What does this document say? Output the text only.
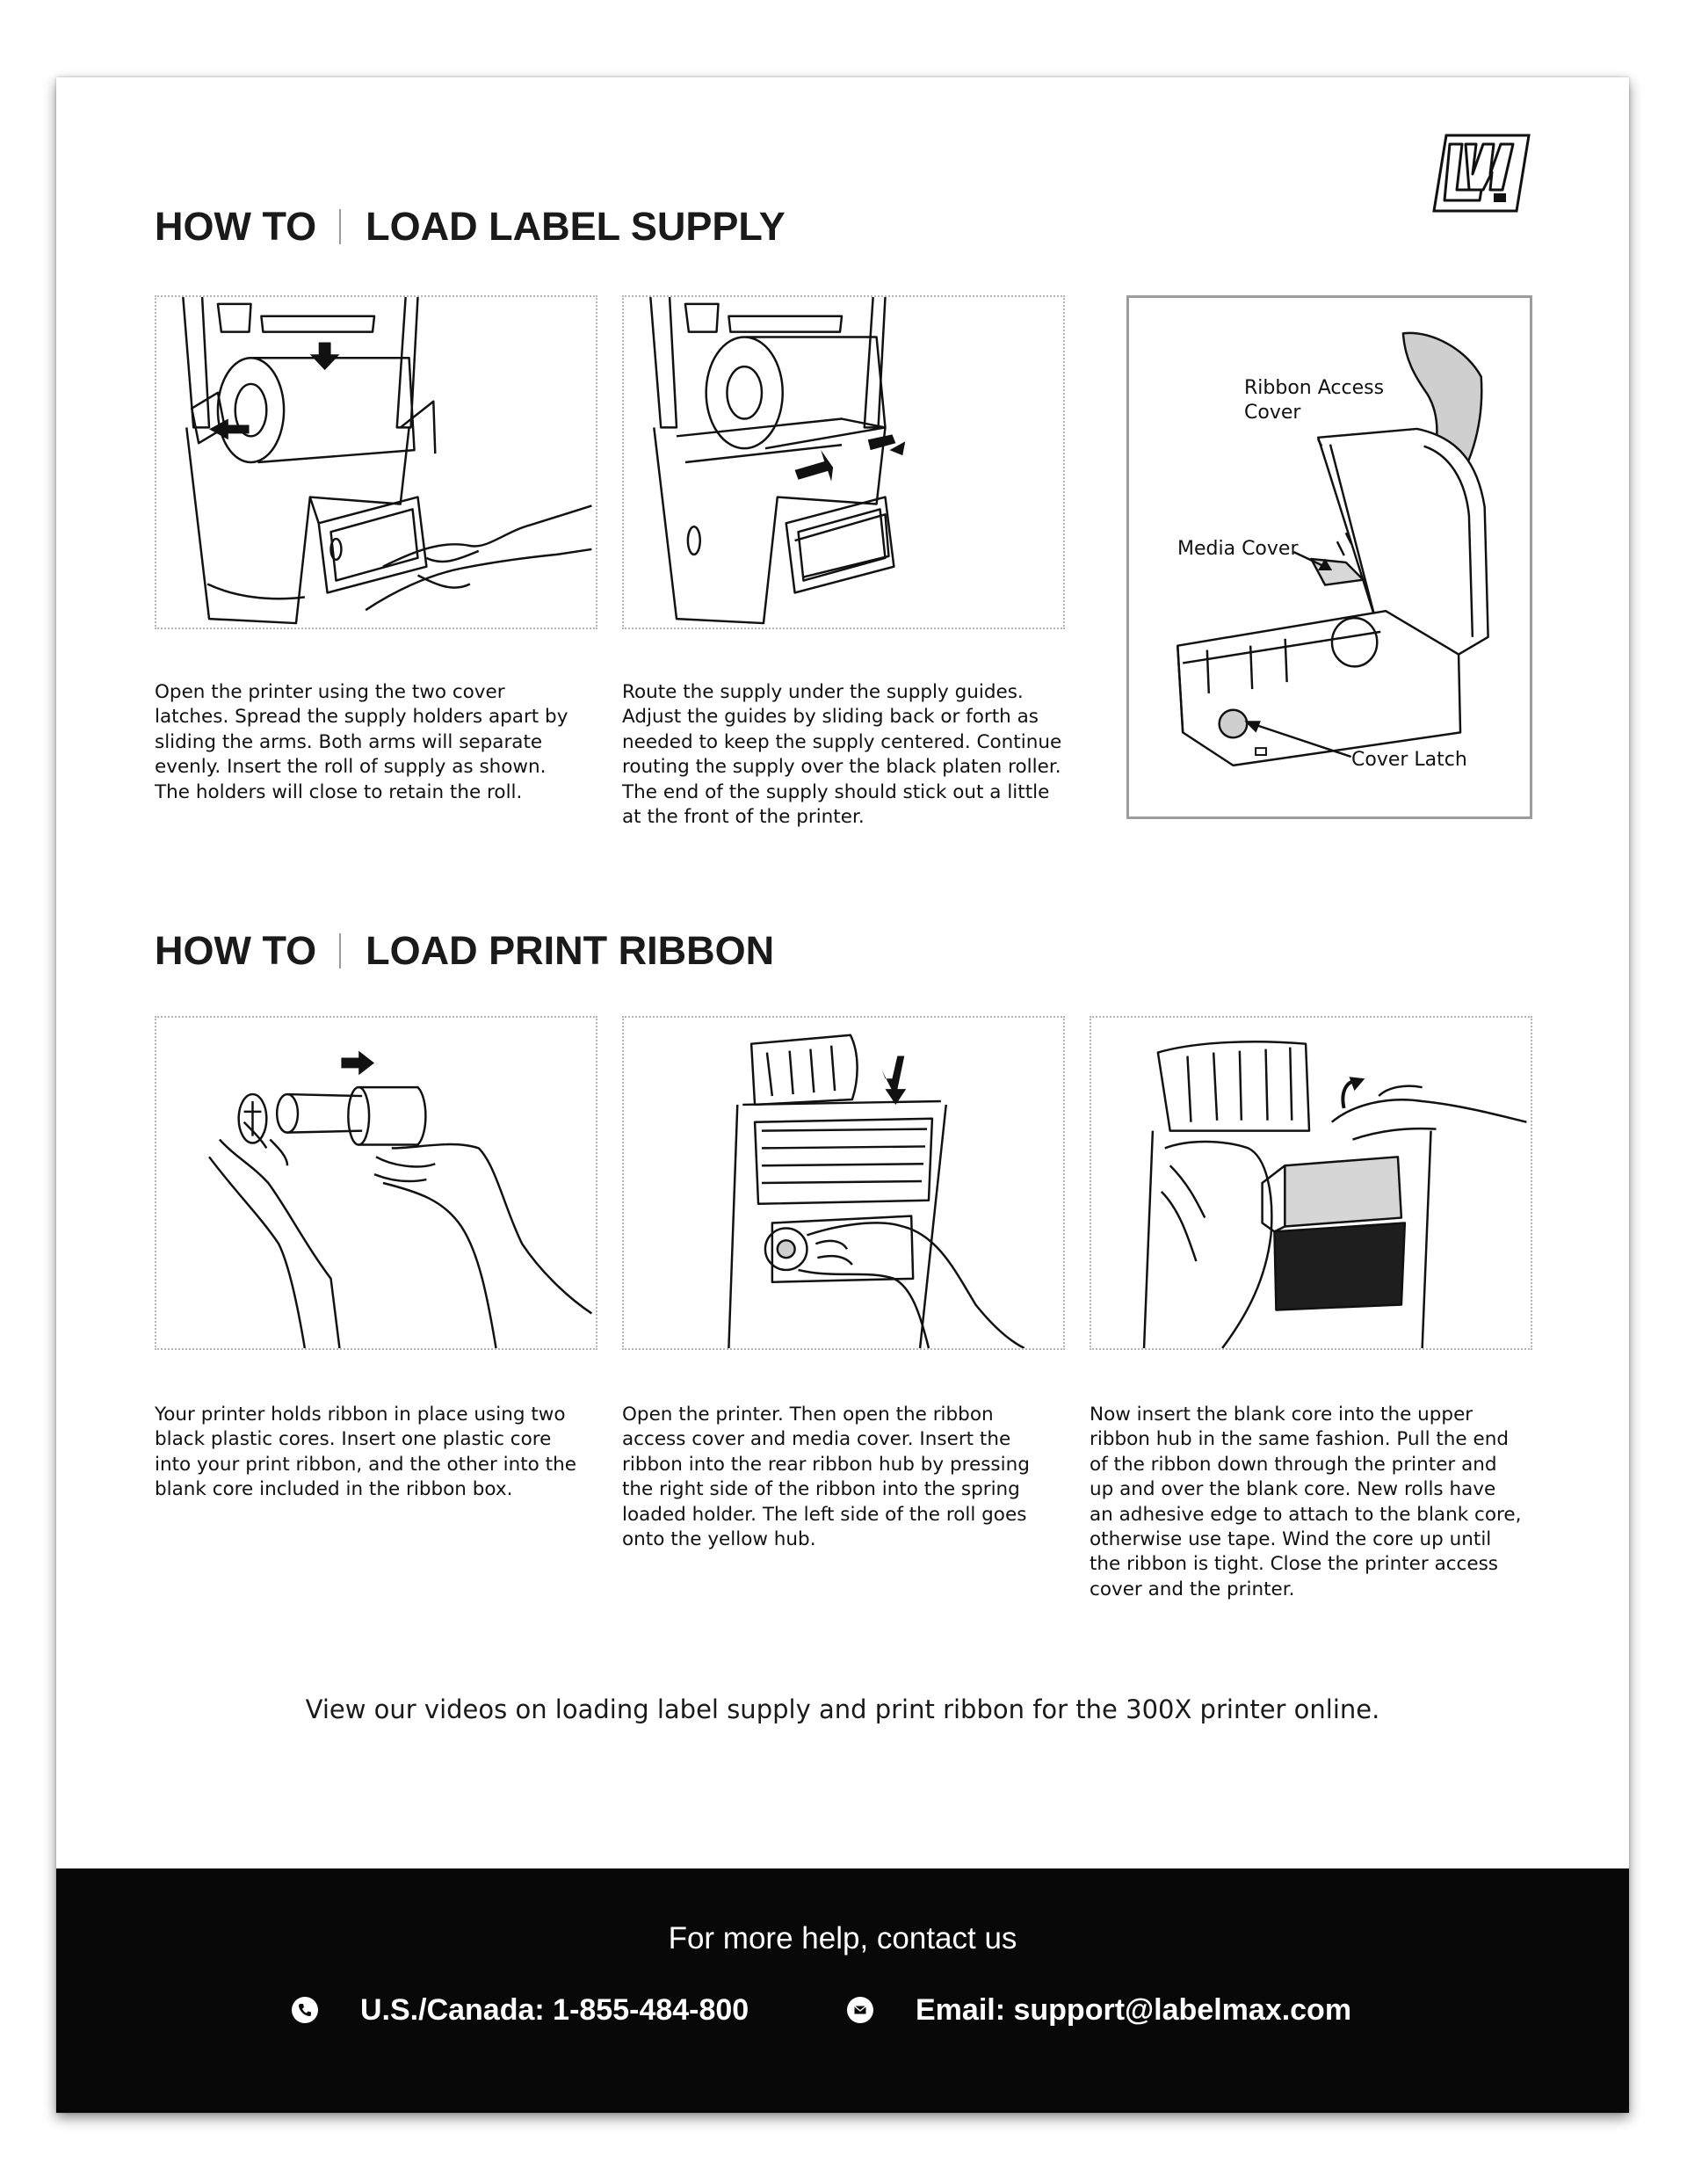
HOW TO LOAD LABEL SUPPLY
Ribbon Access
Cover
Media Cover
Cover Latch
Open the printer using the two cover
latches. Spread the supply holders apart by
sliding the arms. Both arms will separate
evenly. Insert the roll of supply as shown.
The holders will close to retain the roll.
Route the supply under the supply guides.
Adjust the guides by sliding back or forth as
needed to keep the supply centered. Continue
routing the supply over the black platen roller.
The end of the supply should stick out a little
at the front of the printer.
HOW TO LOAD PRINT RIBBON
Your printer holds ribbon in place using two
black plastic cores. Insert one plastic core
into your print ribbon, and the other into the
blank core included in the ribbon box.
Open the printer. Then open the ribbon
access cover and media cover. Insert the
ribbon into the rear ribbon hub by pressing
the right side of the ribbon into the spring
loaded holder. The left side of the roll goes
onto the yellow hub.
Now insert the blank core into the upper
ribbon hub in the same fashion. Pull the end
of the ribbon down through the printer and
up and over the blank core. New rolls have
an adhesive edge to attach to the blank core,
otherwise use tape. Wind the core up until
the ribbon is tight. Close the printer access
cover and the printer.
View our videos on loading label supply and print ribbon for the 300X printer online.
For more help, contact us
U.S./Canada: 1-855-484-800	Email: support@labelmax.com
